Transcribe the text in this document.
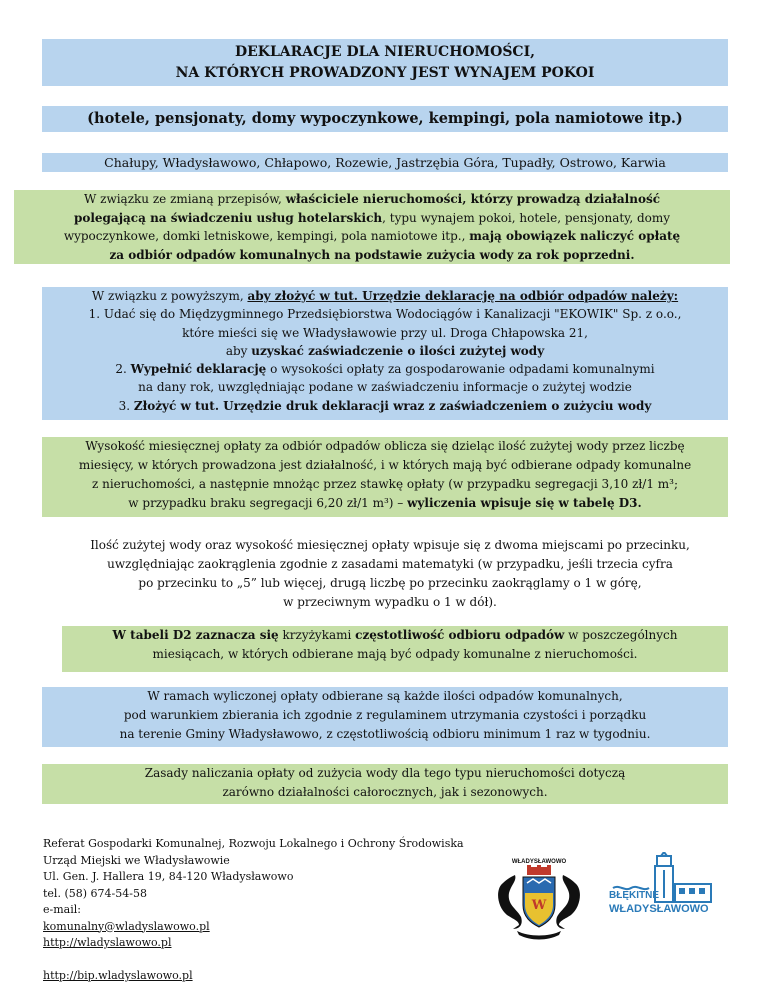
DEKLARACJE DLA NIERUCHOMOŚCI,
NA KTÓRYCH PROWADZONY JEST WYNAJEM POKOI
(hotele, pensjonaty, domy wypoczynkowe, kempingi, pola namiotowe itp.)
Chałupy, Władysławowo, Chłapowo, Rozewie, Jastrzębia Góra, Tupadły, Ostrowo, Karwia
W związku ze zmianą przepisów, właściciele nieruchomości, którzy prowadzą działalność
polegającą na świadczeniu usług hotelarskich, typu wynajem pokoi, hotele, pensjonaty, domy
wypoczynkowe, domki letniskowe, kempingi, pola namiotowe itp., mają obowiązek naliczyć opłatę
za odbiór odpadów komunalnych na podstawie zużycia wody za rok poprzedni.
W związku z powyższym, aby złożyć w tut. Urzędzie deklarację na odbiór odpadów należy:
1. Udać się do Międzygminnego Przedsiębiorstwa Wodociągów i Kanalizacji "EKOWIK" Sp. z o.o.,
które mieści się we Władysławowie przy ul. Droga Chłapowska 21,
aby uzyskać zaświadczenie o ilości zużytej wody
2. Wypełnić deklarację o wysokości opłaty za gospodarowanie odpadami komunalnymi
na dany rok, uwzględniając podane w zaświadczeniu informacje o zużytej wodzie
3. Złożyć w tut. Urzędzie druk deklaracji wraz z zaświadczeniem o zużyciu wody
Wysokość miesięcznej opłaty za odbiór odpadów oblicza się dzieląc ilość zużytej wody przez liczbę
miesięcy, w których prowadzona jest działalność, i w których mają być odbierane odpady komunalne
z nieruchomości, a następnie mnożąc przez stawkę opłaty (w przypadku segregacji 3,10 zł/1 m³;
w przypadku braku segregacji 6,20 zł/1 m³) – wyliczenia wpisuje się w tabelę D3.
Ilość zużytej wody oraz wysokość miesięcznej opłaty wpisuje się z dwoma miejscami po przecinku,
uwzględniając zaokrąglenia zgodnie z zasadami matematyki (w przypadku, jeśli trzecia cyfra
po przecinku to „5” lub więcej, drugą liczbę po przecinku zaokrąglamy o 1 w górę,
w przeciwnym wypadku o 1 w dół).
W tabeli D2 zaznacza się krzyżykami częstotliwość odbioru odpadów w poszczególnych
miesiącach, w których odbierane mają być odpady komunalne z nieruchomości.
W ramach wyliczonej opłaty odbierane są każde ilości odpadów komunalnych,
pod warunkiem zbierania ich zgodnie z regulaminem utrzymania czystości i porządku
na terenie Gminy Władysławowo, z częstotliwością odbioru minimum 1 raz w tygodniu.
Zasady naliczania opłaty od zużycia wody dla tego typu nieruchomości dotyczą
zarówno działalności całorocznych, jak i sezonowych.
Referat Gospodarki Komunalnej, Rozwoju Lokalnego i Ochrony Środowiska
Urząd Miejski we Władysławowie
Ul. Gen. J. Hallera 19, 84-120 Władysławowo
tel. (58) 674-54-58
e-mail:
komunalny@wladyslawowo.pl
http://wladyslawowo.pl

http://bip.wladyslawowo.pl
WŁADYSŁAWOWO
W
BŁĘKITNE
WŁADYSŁAWOWO
